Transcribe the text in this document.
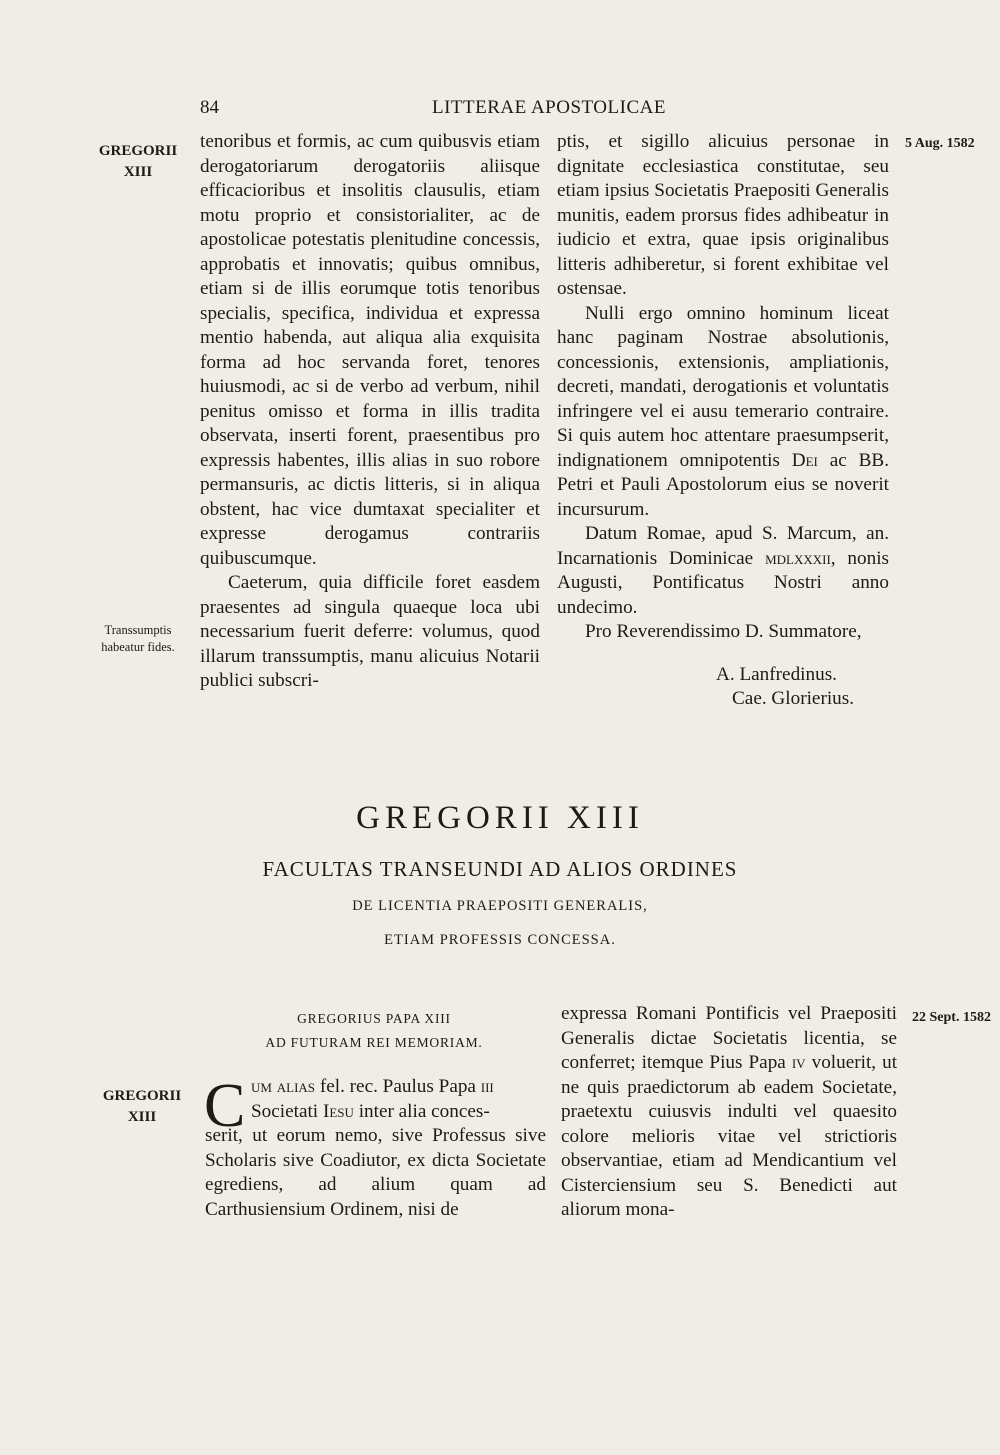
84	LITTERAE APOSTOLICAE
GREGORII XIII
Transsumptis habeatur fides.
GREGORII XIII
5 Aug. 1582
22 Sept. 1582

tenoribus et formis, ac cum quibusvis etiam derogatoriarum derogatoriis aliisque efficacioribus et insolitis clausulis, etiam motu proprio et consistorialiter, ac de apostolicae potestatis plenitudine concessis, approbatis et innovatis; quibus omnibus, etiam si de illis eorumque totis tenoribus specialis, specifica, individua et expressa mentio habenda, aut aliqua alia exquisita forma ad hoc servanda foret, tenores huiusmodi, ac si de verbo ad verbum, nihil penitus omisso et forma in illis tradita observata, inserti forent, praesentibus pro expressis habentes, illis alias in suo robore permansuris, ac dictis litteris, si in aliqua obstent, hac vice dumtaxat specialiter et expresse derogamus contrariis quibuscumque.

Caeterum, quia difficile foret easdem praesentes ad singula quaeque loca ubi necessarium fuerit deferre: volumus, quod illarum transsumptis, manu alicuius Notarii publici subscri-

ptis, et sigillo alicuius personae in dignitate ecclesiastica constitutae, seu etiam ipsius Societatis Praepositi Generalis munitis, eadem prorsus fides adhibeatur in iudicio et extra, quae ipsis originalibus litteris adhiberetur, si forent exhibitae vel ostensae.

Nulli ergo omnino hominum liceat hanc paginam Nostrae absolutionis, concessionis, extensionis, ampliationis, decreti, mandati, derogationis et voluntatis infringere vel ei ausu temerario contraire. Si quis autem hoc attentare praesumpserit, indignationem omnipotentis Dei ac BB. Petri et Pauli Apostolorum eius se noverit incursurum.

Datum Romae, apud S. Marcum, an. Incarnationis Dominicae mdlxxxii, nonis Augusti, Pontificatus Nostri anno undecimo.

Pro Reverendissimo D. Summatore,

A. Lanfredinus.
Cae. Glorierius.
GREGORII XIII
FACULTAS TRANSEUNDI AD ALIOS ORDINES
DE LICENTIA PRAEPOSITI GENERALIS,
ETIAM PROFESSIS CONCESSA.
GREGORIUS PAPA XIII
AD FUTURAM REI MEMORIAM.
C um alias fel. rec. Paulus Papa iii

Societati Iesu inter alia conces-

serit, ut eorum nemo, sive Professus sive Scholaris sive Coadiutor, ex dicta Societate egrediens, ad alium quam ad Carthusiensium Ordinem, nisi de

expressa Romani Pontificis vel Praepositi Generalis dictae Societatis licentia, se conferret; itemque Pius Papa iv voluerit, ut ne quis praedictorum ab eadem Societate, praetextu cuiusvis indulti vel quaesito colore melioris vitae vel strictioris observantiae, etiam ad Mendicantium vel Cisterciensium seu S. Benedicti aut aliorum mona-
